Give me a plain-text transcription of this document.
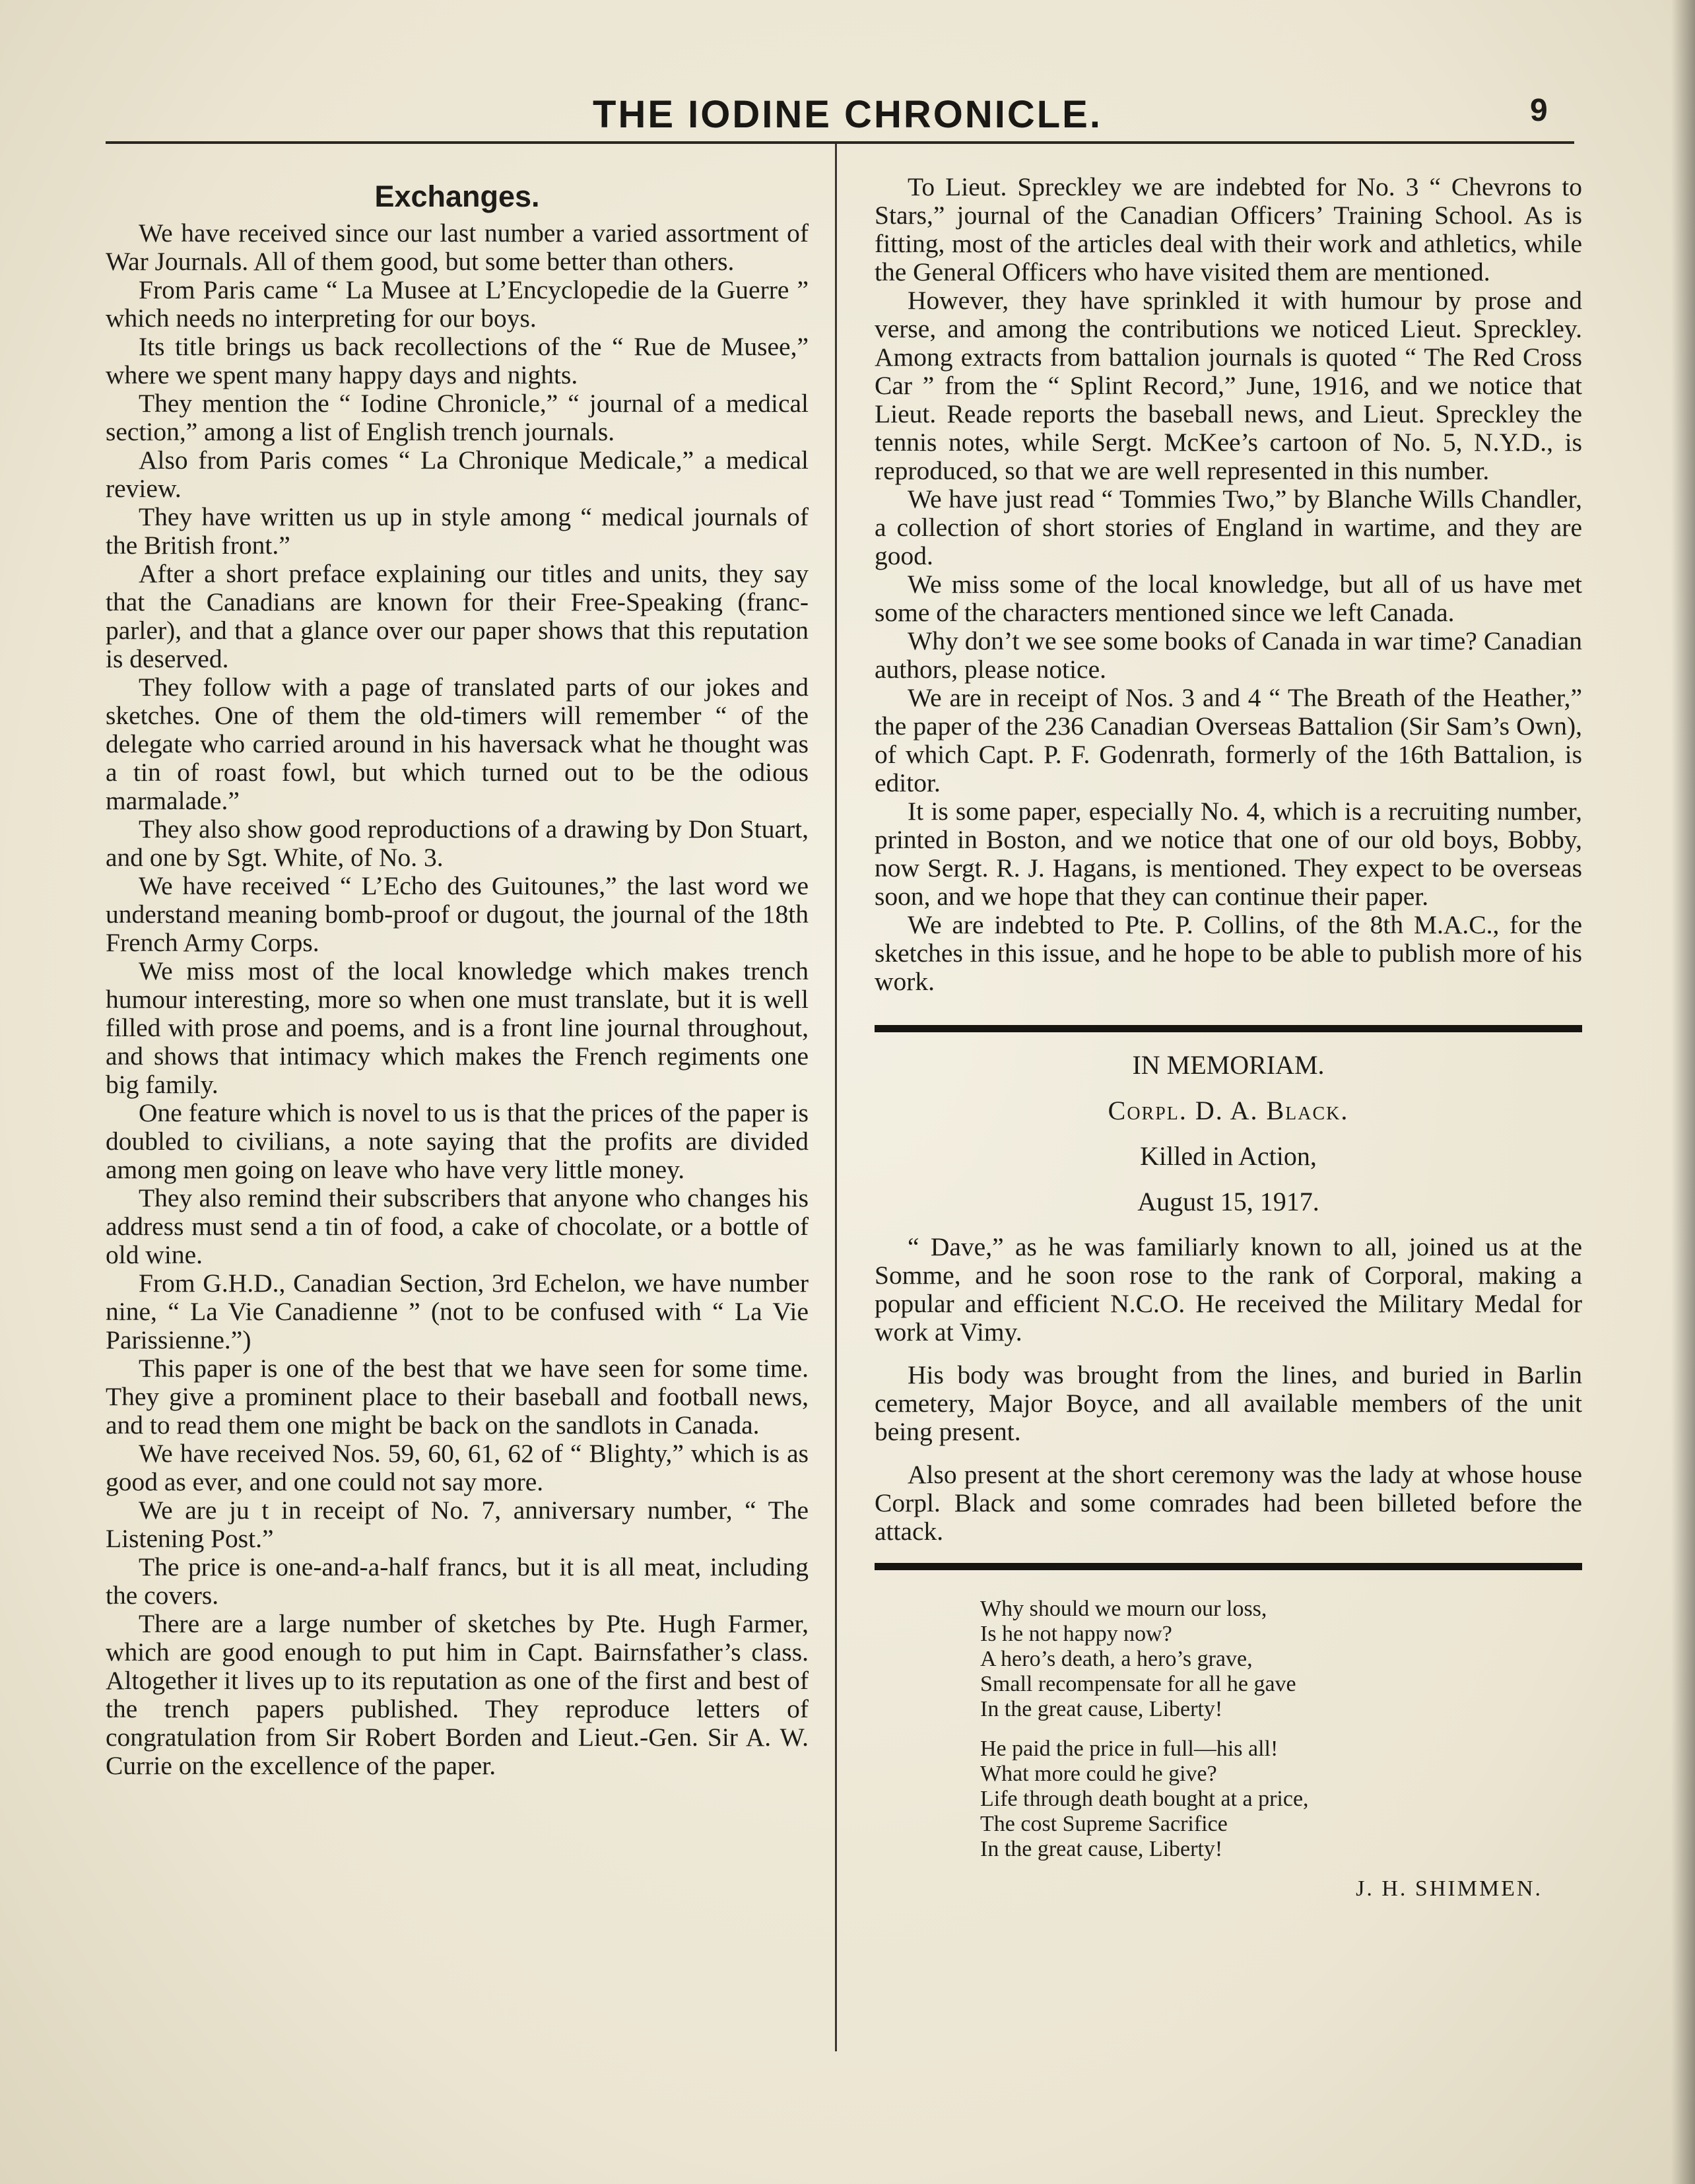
THE IODINE CHRONICLE.	9
Exchanges.

We have received since our last number a varied assortment of War Journals. All of them good, but some better than others.

From Paris came “ La Musee at L’Encyclopedie de la Guerre ” which needs no interpreting for our boys.

Its title brings us back recollections of the “ Rue de Musee,” where we spent many happy days and nights.

They mention the “ Iodine Chronicle,” “ journal of a medical section,” among a list of English trench journals.

Also from Paris comes “ La Chronique Medicale,” a medical review.

They have written us up in style among “ medical journals of the British front.”

After a short preface explaining our titles and units, they say that the Canadians are known for their Free-Speaking (franc-parler), and that a glance over our paper shows that this reputation is deserved.

They follow with a page of translated parts of our jokes and sketches. One of them the old-timers will remember “ of the delegate who carried around in his haversack what he thought was a tin of roast fowl, but which turned out to be the odious marmalade.”

They also show good reproductions of a drawing by Don Stuart, and one by Sgt. White, of No. 3.

We have received “ L’Echo des Guitounes,” the last word we understand meaning bomb-proof or dugout, the journal of the 18th French Army Corps.

We miss most of the local knowledge which makes trench humour interesting, more so when one must translate, but it is well filled with prose and poems, and is a front line journal throughout, and shows that intimacy which makes the French regiments one big family.

One feature which is novel to us is that the prices of the paper is doubled to civilians, a note saying that the profits are divided among men going on leave who have very little money.

They also remind their subscribers that anyone who changes his address must send a tin of food, a cake of chocolate, or a bottle of old wine.

From G.H.D., Canadian Section, 3rd Echelon, we have number nine, “ La Vie Canadienne ” (not to be confused with “ La Vie Parissienne.”)

This paper is one of the best that we have seen for some time. They give a prominent place to their baseball and football news, and to read them one might be back on the sandlots in Canada.

We have received Nos. 59, 60, 61, 62 of “ Blighty,” which is as good as ever, and one could not say more.

We are ju t in receipt of No. 7, anniversary number, “ The Listening Post.”

The price is one-and-a-half francs, but it is all meat, including the covers.

There are a large number of sketches by Pte. Hugh Farmer, which are good enough to put him in Capt. Bairnsfather’s class. Altogether it lives up to its reputation as one of the first and best of the trench papers published. They reproduce letters of congratulation from Sir Robert Borden and Lieut.-Gen. Sir A. W. Currie on the excellence of the paper.

To Lieut. Spreckley we are indebted for No. 3 “ Chevrons to Stars,” journal of the Canadian Officers’ Training School. As is fitting, most of the articles deal with their work and athletics, while the General Officers who have visited them are mentioned.

However, they have sprinkled it with humour by prose and verse, and among the contributions we noticed Lieut. Spreckley. Among extracts from battalion journals is quoted “ The Red Cross Car ” from the “ Splint Record,” June, 1916, and we notice that Lieut. Reade reports the baseball news, and Lieut. Spreckley the tennis notes, while Sergt. McKee’s cartoon of No. 5, N.Y.D., is reproduced, so that we are well represented in this number.

We have just read “ Tommies Two,” by Blanche Wills Chandler, a collection of short stories of England in wartime, and they are good.

We miss some of the local knowledge, but all of us have met some of the characters mentioned since we left Canada.

Why don’t we see some books of Canada in war time? Canadian authors, please notice.

We are in receipt of Nos. 3 and 4 “ The Breath of the Heather,” the paper of the 236 Canadian Overseas Battalion (Sir Sam’s Own), of which Capt. P. F. Godenrath, formerly of the 16th Battalion, is editor.

It is some paper, especially No. 4, which is a recruiting number, printed in Boston, and we notice that one of our old boys, Bobby, now Sergt. R. J. Hagans, is mentioned. They expect to be overseas soon, and we hope that they can continue their paper.

We are indebted to Pte. P. Collins, of the 8th M.A.C., for the sketches in this issue, and he hope to be able to publish more of his work.

IN MEMORIAM.
Corpl. D. A. Black.
Killed in Action,
August 15, 1917.

“ Dave,” as he was familiarly known to all, joined us at the Somme, and he soon rose to the rank of Corporal, making a popular and efficient N.C.O. He received the Military Medal for work at Vimy.

His body was brought from the lines, and buried in Barlin cemetery, Major Boyce, and all available members of the unit being present.

Also present at the short ceremony was the lady at whose house Corpl. Black and some comrades had been billeted before the attack.

Why should we mourn our loss,
Is he not happy now?
A hero’s death, a hero’s grave,
Small recompensate for all he gave
In the great cause, Liberty!
He paid the price in full—his all!
What more could he give?
Life through death bought at a price,
The cost Supreme Sacrifice
In the great cause, Liberty!
J. H. SHIMMEN.
